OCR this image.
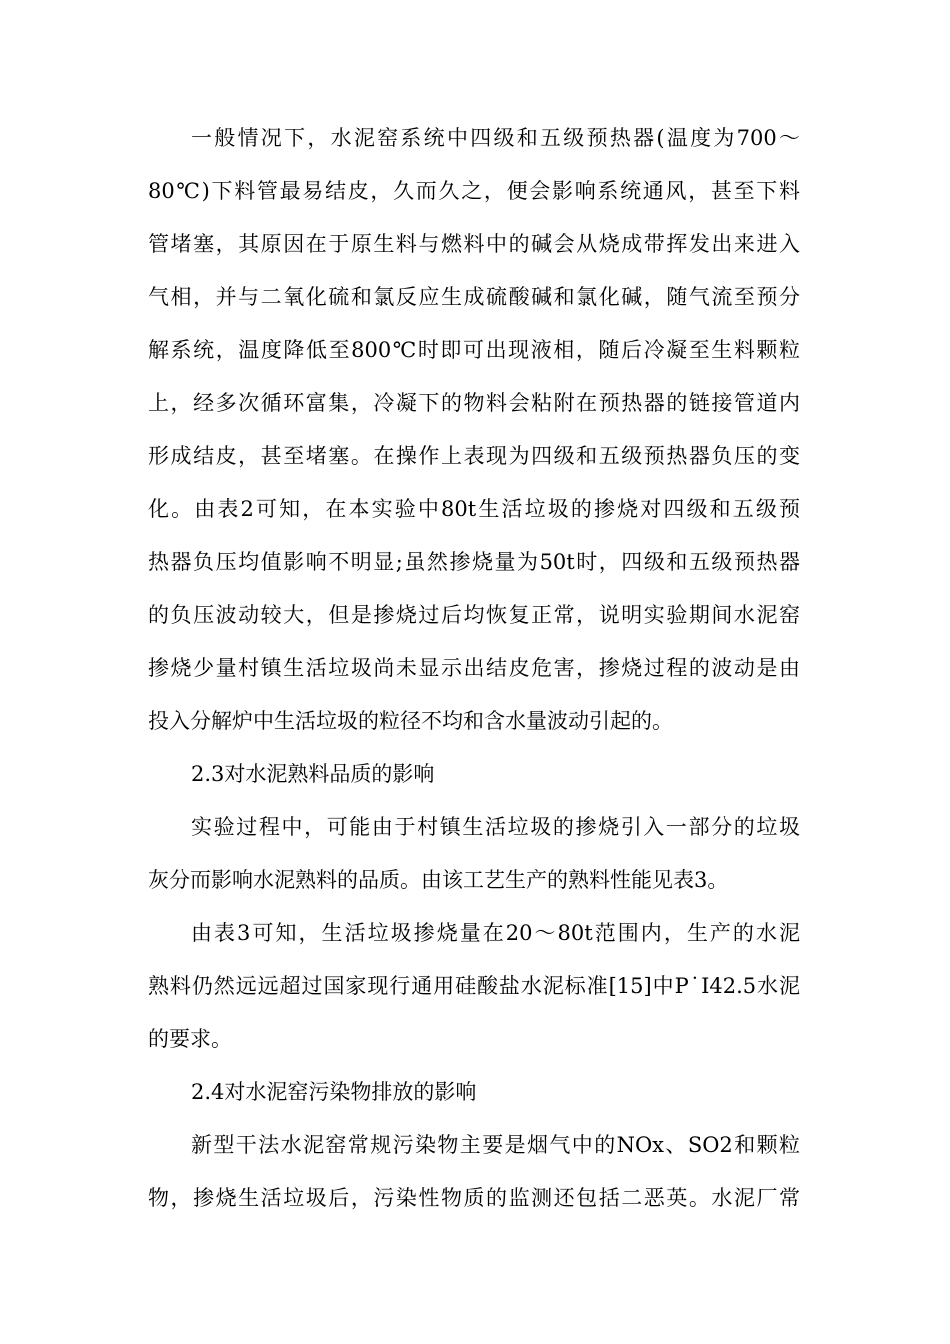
一般情况下，水泥窑系统中四级和五级预热器(温度为700～
80℃)下料管最易结皮，久而久之，便会影响系统通风，甚至下料
管堵塞，其原因在于原生料与燃料中的碱会从烧成带挥发出来进入
气相，并与二氧化硫和氯反应生成硫酸碱和氯化碱，随气流至预分
解系统，温度降低至800℃时即可出现液相，随后冷凝至生料颗粒
上，经多次循环富集，冷凝下的物料会粘附在预热器的链接管道内
形成结皮，甚至堵塞。在操作上表现为四级和五级预热器负压的变
化。由表2可知，在本实验中80t生活垃圾的掺烧对四级和五级预
热器负压均值影响不明显;虽然掺烧量为50t时，四级和五级预热器
的负压波动较大，但是掺烧过后均恢复正常，说明实验期间水泥窑
掺烧少量村镇生活垃圾尚未显示出结皮危害，掺烧过程的波动是由
投入分解炉中生活垃圾的粒径不均和含水量波动引起的。
2.3对水泥熟料品质的影响
实验过程中，可能由于村镇生活垃圾的掺烧引入一部分的垃圾
灰分而影响水泥熟料的品质。由该工艺生产的熟料性能见表3。
由表3可知，生活垃圾掺烧量在20～80t范围内，生产的水泥
熟料仍然远远超过国家现行通用硅酸盐水泥标准[15]中P˙I42.5水泥
的要求。
2.4对水泥窑污染物排放的影响
新型干法水泥窑常规污染物主要是烟气中的NOx、SO2和颗粒
物，掺烧生活垃圾后，污染性物质的监测还包括二恶英。水泥厂常
